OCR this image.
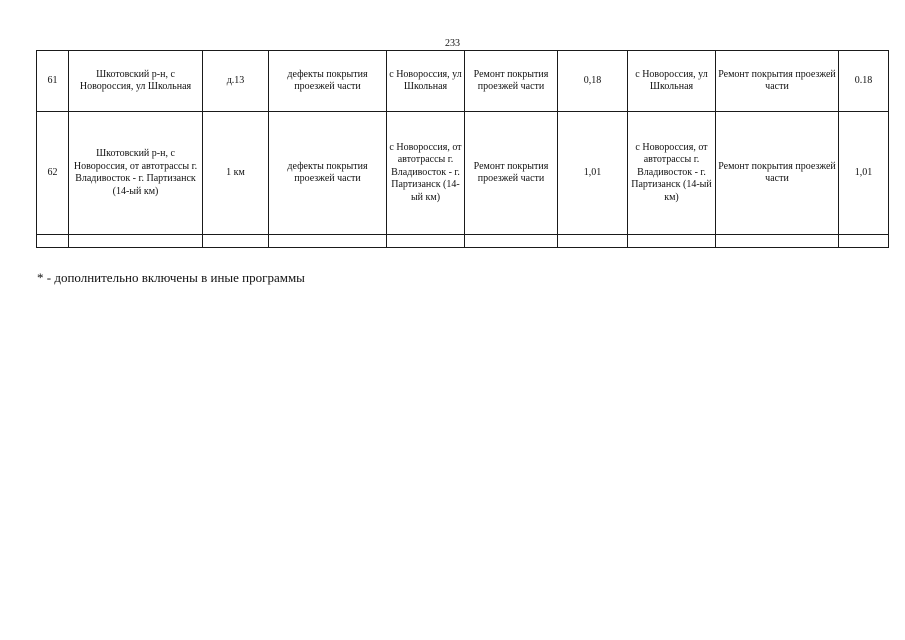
233
61	Шкотовский р-н, с Новороссия, ул Школьная	д.13	дефекты покрытия проезжей части	с Новороссия, ул Школьная	Ремонт покрытия проезжей части	0,18	с Новороссия, ул Школьная	Ремонт покрытия проезжей части	0.18
62	Шкотовский р-н, с Новороссия, от автотрассы г. Владивосток - г. Партизанск (14-ый км)	1 км	дефекты покрытия проезжей части	с Новороссия, от автотрассы г. Владивосток - г. Партизанск (14-ый км)	Ремонт покрытия проезжей части	1,01	с Новороссия, от автотрассы г. Владивосток - г. Партизанск (14-ый км)	Ремонт покрытия проезжей части	1,01

* - дополнительно включены в иные программы
